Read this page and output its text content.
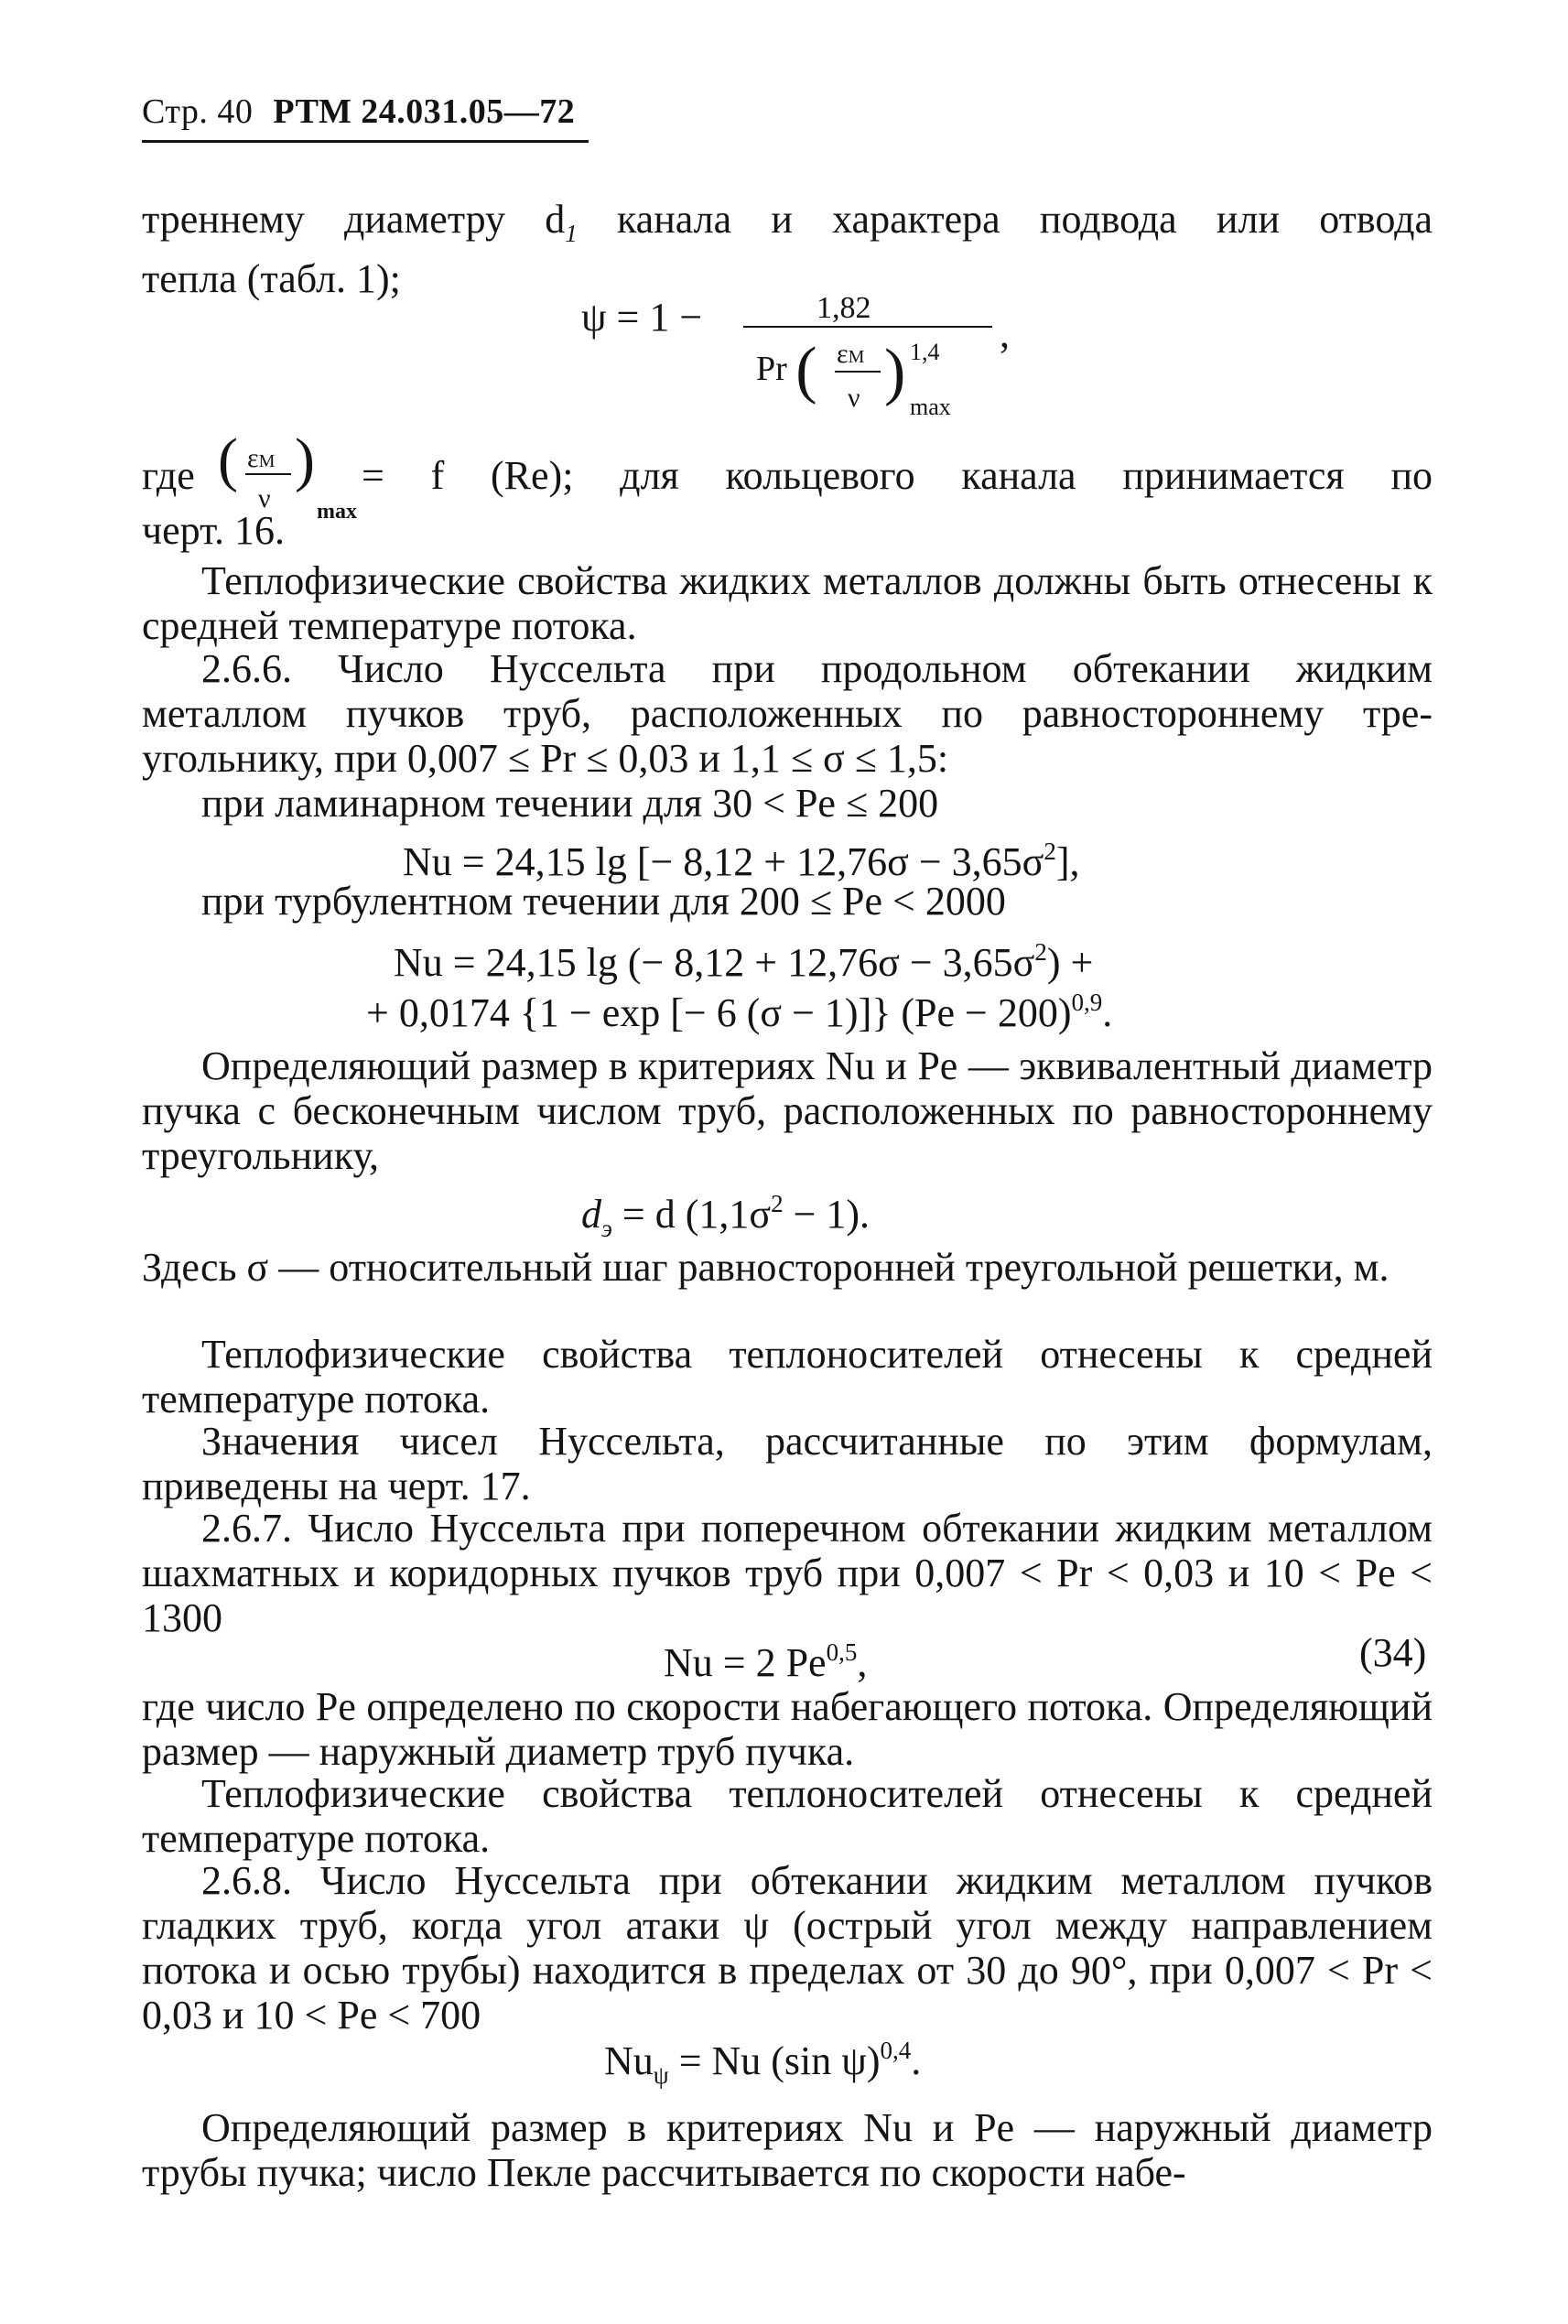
Стр. 40 РТМ 24.031.05—72

треннему диаметру $d_1$ канала и характера подвода или отвода

тепла (табл. 1);

ψ = 1 −	1,82
Pr ( εM
ν ) 1,4
max
,
где ( εM
ν
)
max

= f (Re); для кольцевого канала принимается по

черт. 16.

Теплофизические свойства жидких металлов должны быть отнесены к средней температуре потока.

2.6.6. Число Нуссельта при продольном обтекании жидким

металлом пучков труб, расположенных по равностороннему тре-

угольнику, при 0,007 ≤ Pr ≤ 0,03 и 1,1 ≤ σ ≤ 1,5:

при ламинарном течении для 30 < Pe ≤ 200

Nu = 24,15 lg [− $8,12 + 12,76\sigma - 3,65\sigma^2$],
при турбулентном течении для 200 ≤ Pe < 2000
Nu = 24,15 lg (− $8,12 + 12,76\sigma - 3,65\sigma^2$) +
+ 0,0174 {1 − exp [− 6 (σ − 1)]} $(Pe - 200)^{0,9}$.

Определяющий размер в критериях Nu и Pe — эквивалентный диаметр пучка с бесконечным числом труб, расположенных по равностороннему треугольнику,

$d_э = d$ $(1,1\sigma^2 - 1)$.

Здесь σ — относительный шаг равносторонней треугольной решетки, м.

Теплофизические свойства теплоносителей отнесены к средней температуре потока.

Значения чисел Нуссельта, рассчитанные по этим формулам, приведены на черт. 17.

2.6.7. Число Нуссельта при поперечном обтекании жидким металлом шахматных и коридорных пучков труб при 0,007 < Pr < 0,03 и 10 < Pe < 1300

Nu = 2 Pe$^{0,5}$,	(34)

где число Pe определено по скорости набегающего потока. Определяющий размер — наружный диаметр труб пучка.

Теплофизические свойства теплоносителей отнесены к средней температуре потока.

2.6.8. Число Нуссельта при обтекании жидким металлом пучков гладких труб, когда угол атаки ψ (острый угол между направлением потока и осью трубы) находится в пределах от 30 до 90°, при 0,007 < Pr < 0,03 и 10 < Pe < 700

$Nu_\psi = Nu$ (sin ψ)$^{0,4}$.

Определяющий размер в критериях Nu и Pe — наружный диаметр трубы пучка; число Пекле рассчитывается по скорости набе-
